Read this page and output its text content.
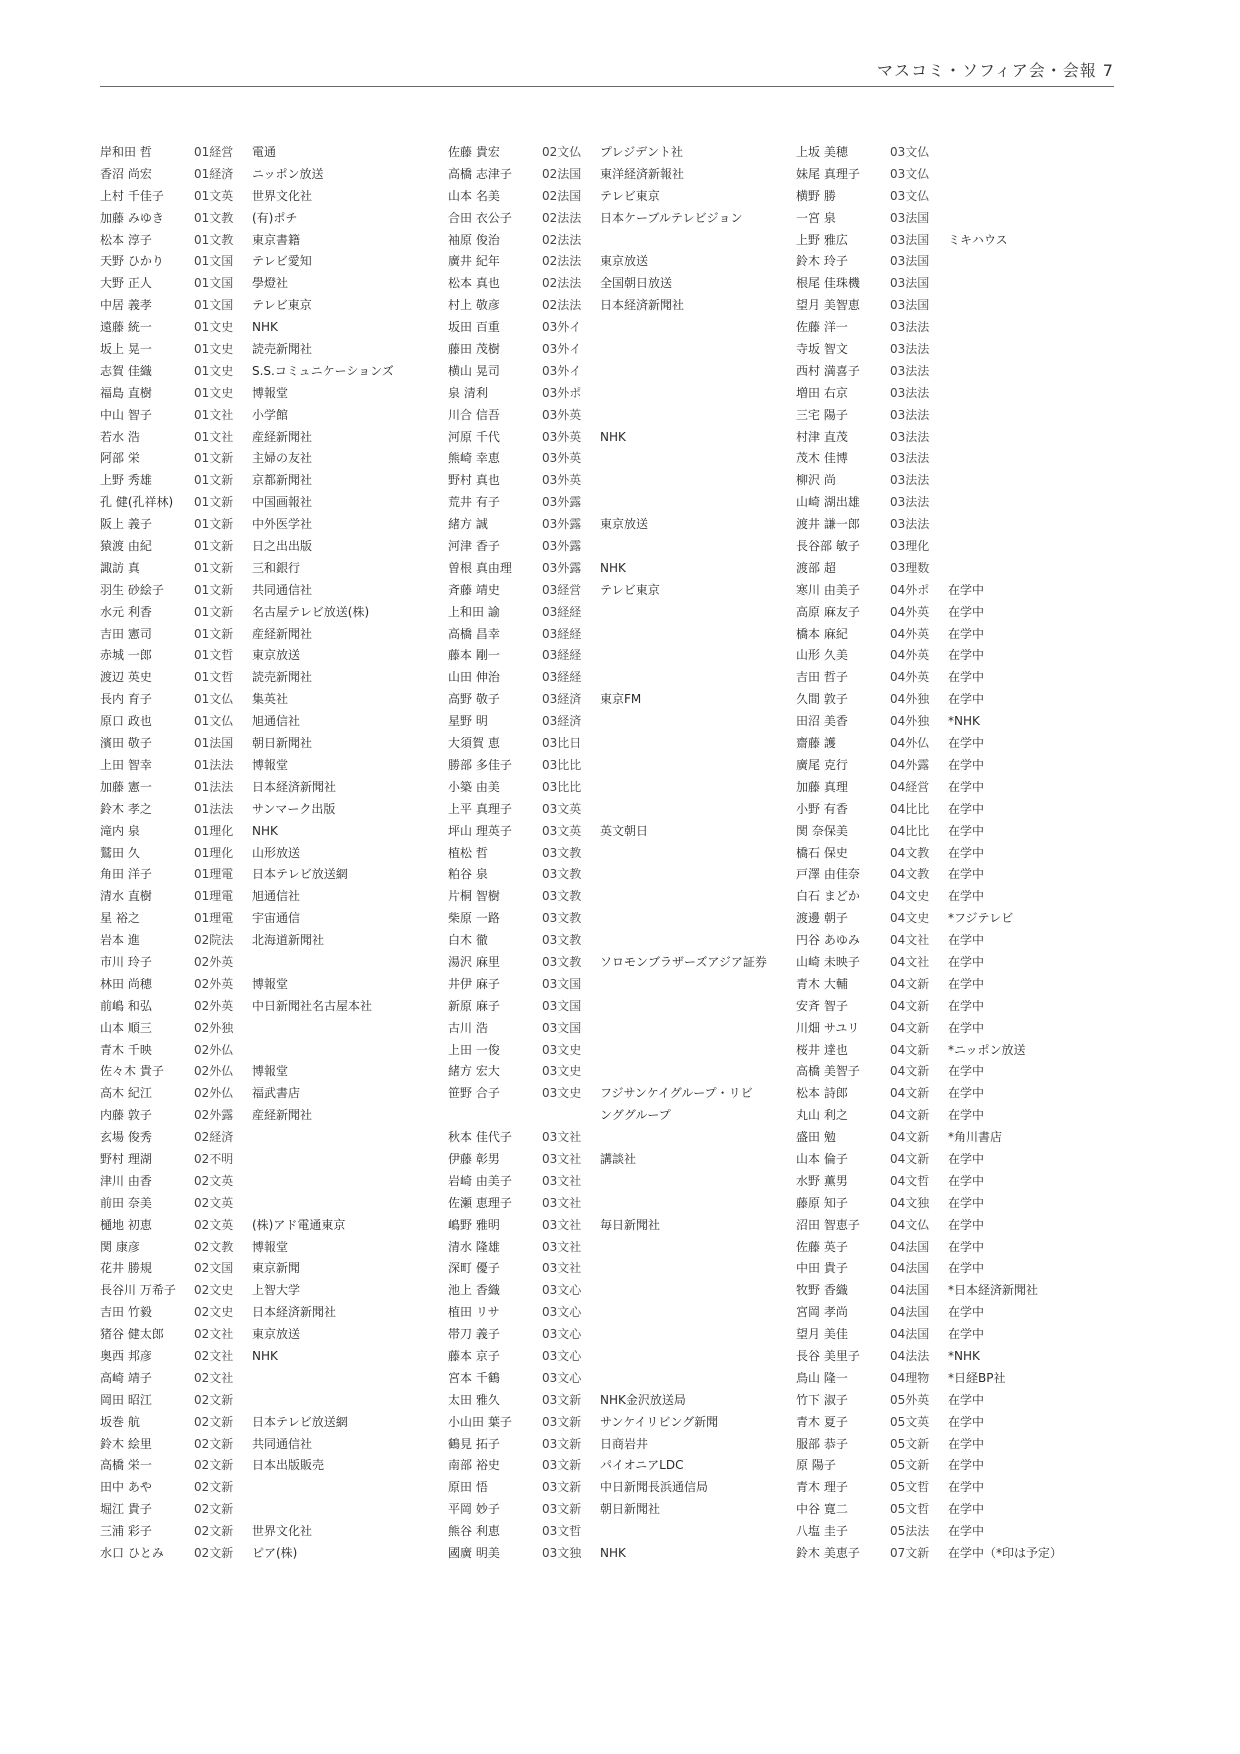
マスコミ・ソフィア会・会報 7
岸和田 哲	01経営	電通
香沼 尚宏	01経済	ニッポン放送
上村 千佳子	01文英	世界文化社
加藤 みゆき	01文教	(有)ポチ
松本 淳子	01文教	東京書籍
天野 ひかり	01文国	テレビ愛知
大野 正人	01文国	學燈社
中居 義孝	01文国	テレビ東京
遠藤 統一	01文史	NHK
坂上 晃一	01文史	読売新聞社
志賀 佳織	01文史	S.S.コミュニケーションズ
福島 直樹	01文史	博報堂
中山 智子	01文社	小学館
若水 浩	01文社	産経新聞社
阿部 栄	01文新	主婦の友社
上野 秀雄	01文新	京都新聞社
孔 健(孔祥林)	01文新	中国画報社
阪上 義子	01文新	中外医学社
猿渡 由紀	01文新	日之出出版
諏訪 真	01文新	三和銀行
羽生 砂絵子	01文新	共同通信社
水元 利香	01文新	名古屋テレビ放送(株)
吉田 憲司	01文新	産経新聞社
赤城 一郎	01文哲	東京放送
渡辺 英史	01文哲	読売新聞社
長内 育子	01文仏	集英社
原口 政也	01文仏	旭通信社
濱田 敬子	01法国	朝日新聞社
上田 智幸	01法法	博報堂
加藤 憲一	01法法	日本経済新聞社
鈴木 孝之	01法法	サンマーク出版
滝内 泉	01理化	NHK
鷲田 久	01理化	山形放送
角田 洋子	01理電	日本テレビ放送網
清水 直樹	01理電	旭通信社
星 裕之	01理電	宇宙通信
岩本 進	02院法	北海道新聞社
市川 玲子	02外英
林田 尚穂	02外英	博報堂
前嶋 和弘	02外英	中日新聞社名古屋本社
山本 順三	02外独
青木 千映	02外仏
佐々木 貴子	02外仏	博報堂
高木 紀江	02外仏	福武書店
内藤 敦子	02外露	産経新聞社
玄場 俊秀	02経済
野村 理湖	02不明
津川 由香	02文英
前田 奈美	02文英
樋地 初恵	02文英	(株)アド電通東京
関 康彦	02文教	博報堂
花井 勝規	02文国	東京新聞
長谷川 万希子	02文史	上智大学
吉田 竹毅	02文史	日本経済新聞社
猪谷 健太郎	02文社	東京放送
奥西 邦彦	02文社	NHK
高崎 靖子	02文社
岡田 昭江	02文新
坂巻 航	02文新	日本テレビ放送網
鈴木 絵里	02文新	共同通信社
高橋 栄一	02文新	日本出版販売
田中 あや	02文新
堀江 貴子	02文新
三浦 彩子	02文新	世界文化社
水口 ひとみ	02文新	ピア(株)
佐藤 貴宏	02文仏	プレジデント社
高橋 志津子	02法国	東洋経済新報社
山本 名美	02法国	テレビ東京
合田 衣公子	02法法	日本ケーブルテレビジョン
袖原 俊治	02法法
廣井 紀年	02法法	東京放送
松本 真也	02法法	全国朝日放送
村上 敬彦	02法法	日本経済新聞社
坂田 百重	03外イ
藤田 茂樹	03外イ
横山 晃司	03外イ
泉 清利	03外ポ
川合 信吾	03外英
河原 千代	03外英	NHK
熊崎 幸恵	03外英
野村 真也	03外英
荒井 有子	03外露
緒方 誠	03外露	東京放送
河津 香子	03外露
曽根 真由理	03外露	NHK
斉藤 靖史	03経営	テレビ東京
上和田 諭	03経経
高橋 昌幸	03経経
藤本 剛一	03経経
山田 伸治	03経経
高野 敬子	03経済	東京FM
星野 明	03経済
大須賀 恵	03比日
勝部 多佳子	03比比
小築 由美	03比比
上平 真理子	03文英
坪山 理英子	03文英	英文朝日
植松 哲	03文教
粕谷 泉	03文教
片桐 智樹	03文教
柴原 一路	03文教
白木 徹	03文教
湯沢 麻里	03文教	ソロモンブラザーズアジア証券
井伊 麻子	03文国
新原 麻子	03文国
古川 浩	03文国
上田 一俊	03文史
緒方 宏大	03文史
笹野 合子	03文史	フジサンケイグループ・リビ
ンググループ
秋本 佳代子	03文社
伊藤 彰男	03文社	講談社
岩崎 由美子	03文社
佐瀬 恵理子	03文社
嶋野 雅明	03文社	毎日新聞社
清水 隆雄	03文社
深町 優子	03文社
池上 香織	03文心
植田 リサ	03文心
帯刀 義子	03文心
藤本 京子	03文心
宮本 千鶴	03文心
太田 雅久	03文新	NHK金沢放送局
小山田 葉子	03文新	サンケイリビング新聞
鶴見 拓子	03文新	日商岩井
南部 裕史	03文新	パイオニアLDC
原田 悟	03文新	中日新聞長浜通信局
平岡 妙子	03文新	朝日新聞社
熊谷 利恵	03文哲
國廣 明美	03文独	NHK
上坂 美穂	03文仏
妹尾 真理子	03文仏
横野 勝	03文仏
一宮 泉	03法国
上野 雅広	03法国	ミキハウス
鈴木 玲子	03法国
根尾 佳珠機	03法国
望月 美智恵	03法国
佐藤 洋一	03法法
寺坂 智文	03法法
西村 満喜子	03法法
増田 右京	03法法
三宅 陽子	03法法
村津 直茂	03法法
茂木 佳博	03法法
柳沢 尚	03法法
山崎 湖出雄	03法法
渡井 謙一郎	03法法
長谷部 敏子	03理化
渡部 超	03理数
寒川 由美子	04外ポ	在学中
高原 麻友子	04外英	在学中
橋本 麻紀	04外英	在学中
山形 久美	04外英	在学中
吉田 哲子	04外英	在学中
久間 敦子	04外独	在学中
田沼 美香	04外独	*NHK
齋藤 護	04外仏	在学中
廣尾 克行	04外露	在学中
加藤 真理	04経営	在学中
小野 有香	04比比	在学中
関 奈保美	04比比	在学中
橋石 保史	04文教	在学中
戸澤 由佳奈	04文教	在学中
白石 まどか	04文史	在学中
渡邊 朝子	04文史	*フジテレビ
円谷 あゆみ	04文社	在学中
山崎 未映子	04文社	在学中
青木 大輔	04文新	在学中
安斉 智子	04文新	在学中
川畑 サユリ	04文新	在学中
桜井 達也	04文新	*ニッポン放送
高橋 美智子	04文新	在学中
松本 詩郎	04文新	在学中
丸山 利之	04文新	在学中
盛田 勉	04文新	*角川書店
山本 倫子	04文新	在学中
水野 薫男	04文哲	在学中
藤原 知子	04文独	在学中
沼田 智恵子	04文仏	在学中
佐藤 英子	04法国	在学中
中田 貴子	04法国	在学中
牧野 香織	04法国	*日本経済新聞社
宮岡 孝尚	04法国	在学中
望月 美佳	04法国	在学中
長谷 美里子	04法法	*NHK
鳥山 隆一	04理物	*日経BP社
竹下 淑子	05外英	在学中
青木 夏子	05文英	在学中
服部 恭子	05文新	在学中
原 陽子	05文新	在学中
青木 理子	05文哲	在学中
中谷 寛二	05文哲	在学中
八塩 圭子	05法法	在学中
鈴木 美恵子	07文新	在学中（*印は予定）
